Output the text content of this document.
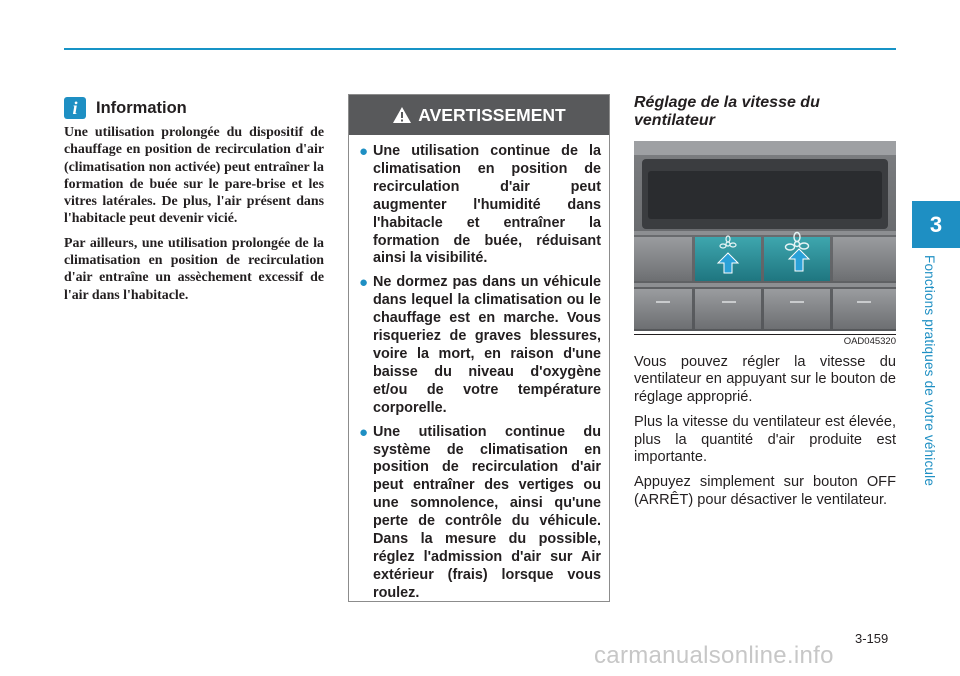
3
Fonctions pratiques de votre véhicule
i	Information

Une utilisation prolongée du dispositif de chauffage en position de recirculation d'air (climatisation non activée) peut entraîner la formation de buée sur le pare-brise et les vitres latérales. De plus, l'air présent dans l'habitacle peut devenir vicié.

Par ailleurs, une utilisation prolongée de la climatisation en position de recirculation d'air entraîne un assèchement excessif de l'air dans l'habitacle.

AVERTISSEMENT
● Une utilisation continue de la climatisation en position de recirculation d'air peut augmenter l'humidité dans l'habitacle et entraîner la formation de buée, réduisant ainsi la visibilité.
● Ne dormez pas dans un véhicule dans lequel la climatisation ou le chauffage est en marche. Vous risqueriez de graves blessures, voire la mort, en raison d'une baisse du niveau d'oxygène et/ou de votre température corporelle.
● Une utilisation continue du système de climatisation en position de recirculation d'air peut entraîner des vertiges ou une somnolence, ainsi qu'une perte de contrôle du véhicule. Dans la mesure du possible, réglez l'admission d'air sur Air extérieur (frais) lorsque vous roulez.
Réglage de la vitesse du ventilateur
OAD045320

Vous pouvez régler la vitesse du ventilateur en appuyant sur le bouton de réglage approprié.

Plus la vitesse du ventilateur est élevée, plus la quantité d'air produite est importante.

Appuyez simplement sur bouton OFF (ARRÊT) pour désactiver le ventilateur.

3-159
carmanualsonline.info
